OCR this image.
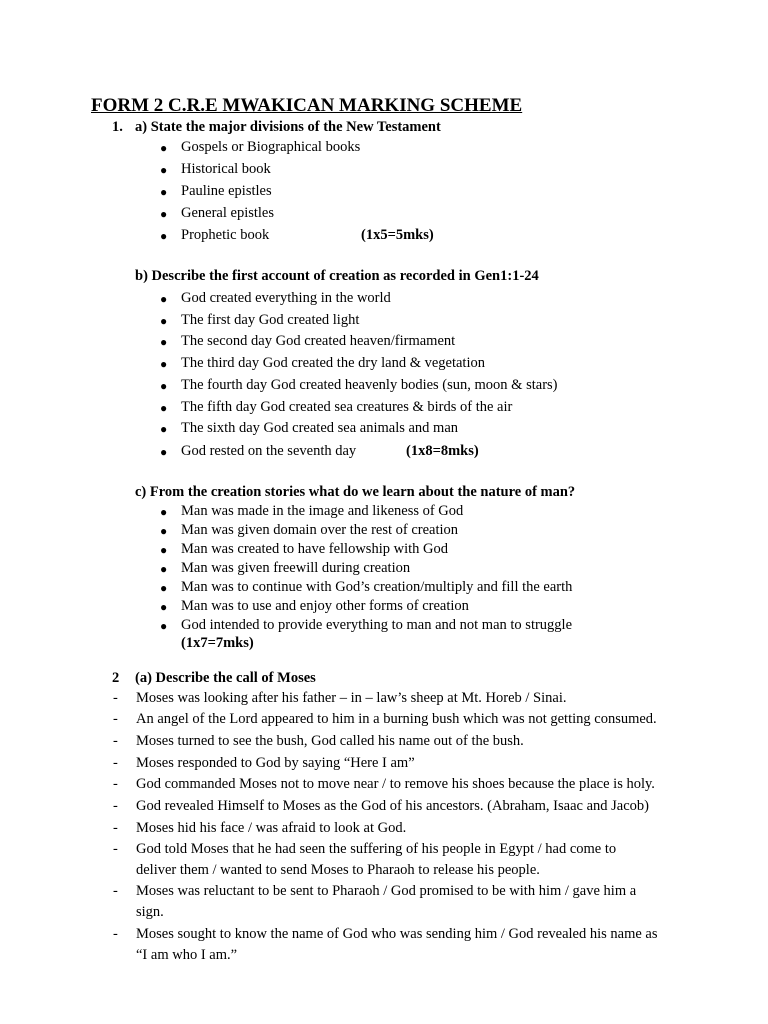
FORM 2 C.R.E MWAKICAN MARKING SCHEME
1. a) State the major divisions of the New Testament
● Gospels or Biographical books
● Historical book
● Pauline epistles
● General epistles
● Prophetic book	(1x5=5mks)
b) Describe the first account of creation as recorded in Gen1:1-24
● God created everything in the world
● The first day God created light
● The second day God created heaven/firmament
● The third day God created the dry land & vegetation
● The fourth day God created heavenly bodies (sun, moon & stars)
● The fifth day God created sea creatures & birds of the air
● The sixth day God created sea animals and man
● God rested on the seventh day	(1x8=8mks)
c) From the creation stories what do we learn about the nature of man?
● Man was made in the image and likeness of God
● Man was given domain over the rest of creation
● Man was created to have fellowship with God
● Man was given freewill during creation
● Man was to continue with God’s creation/multiply and fill the earth
● Man was to use and enjoy other forms of creation
● God intended to provide everything to man and not man to struggle
(1x7=7mks)
2 (a) Describe the call of Moses
- Moses was looking after his father – in – law’s sheep at Mt. Horeb / Sinai.
- An angel of the Lord appeared to him in a burning bush which was not getting consumed.
- Moses turned to see the bush, God called his name out of the bush.
- Moses responded to God by saying “Here I am”
- God commanded Moses not to move near / to remove his shoes because the place is holy.
- God revealed Himself to Moses as the God of his ancestors. (Abraham, Isaac and Jacob)
- Moses hid his face / was afraid to look at God.
- God told Moses that he had seen the suffering of his people in Egypt / had come to
deliver them / wanted to send Moses to Pharaoh to release his people.
- Moses was reluctant to be sent to Pharaoh / God promised to be with him / gave him a
sign.
- Moses sought to know the name of God who was sending him / God revealed his name as
“I am who I am.”
